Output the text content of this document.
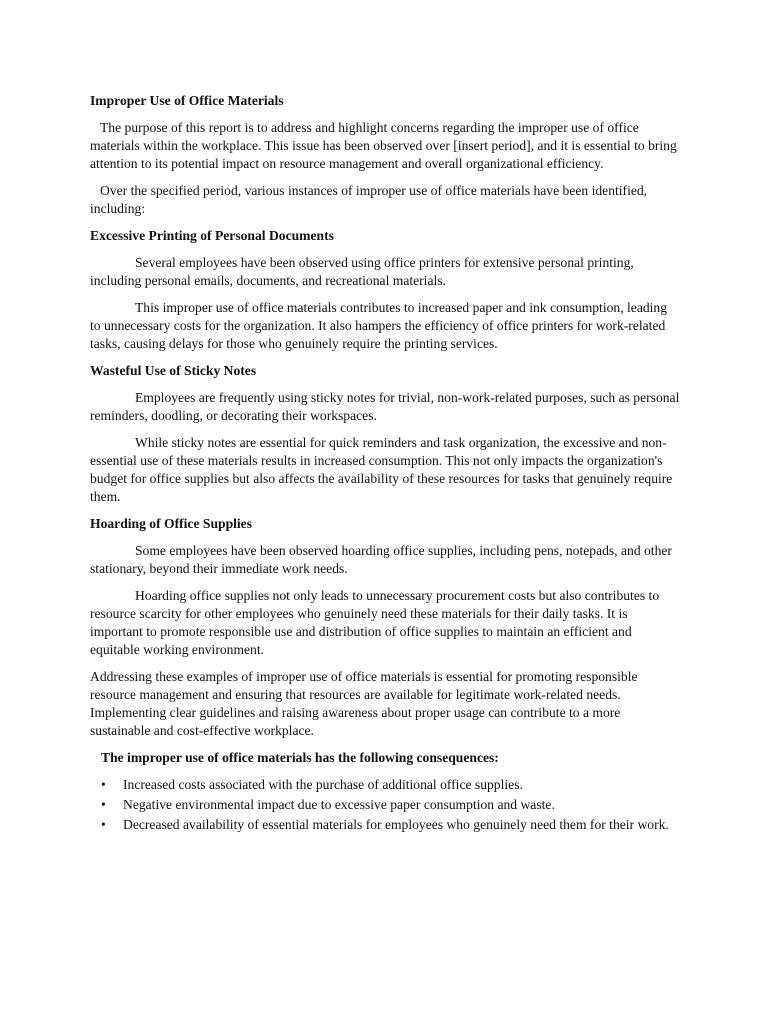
Improper Use of Office Materials

The purpose of this report is to address and highlight concerns regarding the improper use of office materials within the workplace. This issue has been observed over [insert period], and it is essential to bring attention to its potential impact on resource management and overall organizational efficiency.

Over the specified period, various instances of improper use of office materials have been identified, including:

Excessive Printing of Personal Documents

Several employees have been observed using office printers for extensive personal printing, including personal emails, documents, and recreational materials.

This improper use of office materials contributes to increased paper and ink consumption, leading to unnecessary costs for the organization. It also hampers the efficiency of office printers for work-related tasks, causing delays for those who genuinely require the printing services.

Wasteful Use of Sticky Notes

Employees are frequently using sticky notes for trivial, non-work-related purposes, such as personal reminders, doodling, or decorating their workspaces.

While sticky notes are essential for quick reminders and task organization, the excessive and non-essential use of these materials results in increased consumption. This not only impacts the organization's budget for office supplies but also affects the availability of these resources for tasks that genuinely require them.

Hoarding of Office Supplies

Some employees have been observed hoarding office supplies, including pens, notepads, and other stationary, beyond their immediate work needs.

Hoarding office supplies not only leads to unnecessary procurement costs but also contributes to resource scarcity for other employees who genuinely need these materials for their daily tasks. It is important to promote responsible use and distribution of office supplies to maintain an efficient and equitable working environment.

Addressing these examples of improper use of office materials is essential for promoting responsible resource management and ensuring that resources are available for legitimate work-related needs. Implementing clear guidelines and raising awareness about proper usage can contribute to a more sustainable and cost-effective workplace.

The improper use of office materials has the following consequences:

• Increased costs associated with the purchase of additional office supplies.
• Negative environmental impact due to excessive paper consumption and waste.
• Decreased availability of essential materials for employees who genuinely need them for their work.
